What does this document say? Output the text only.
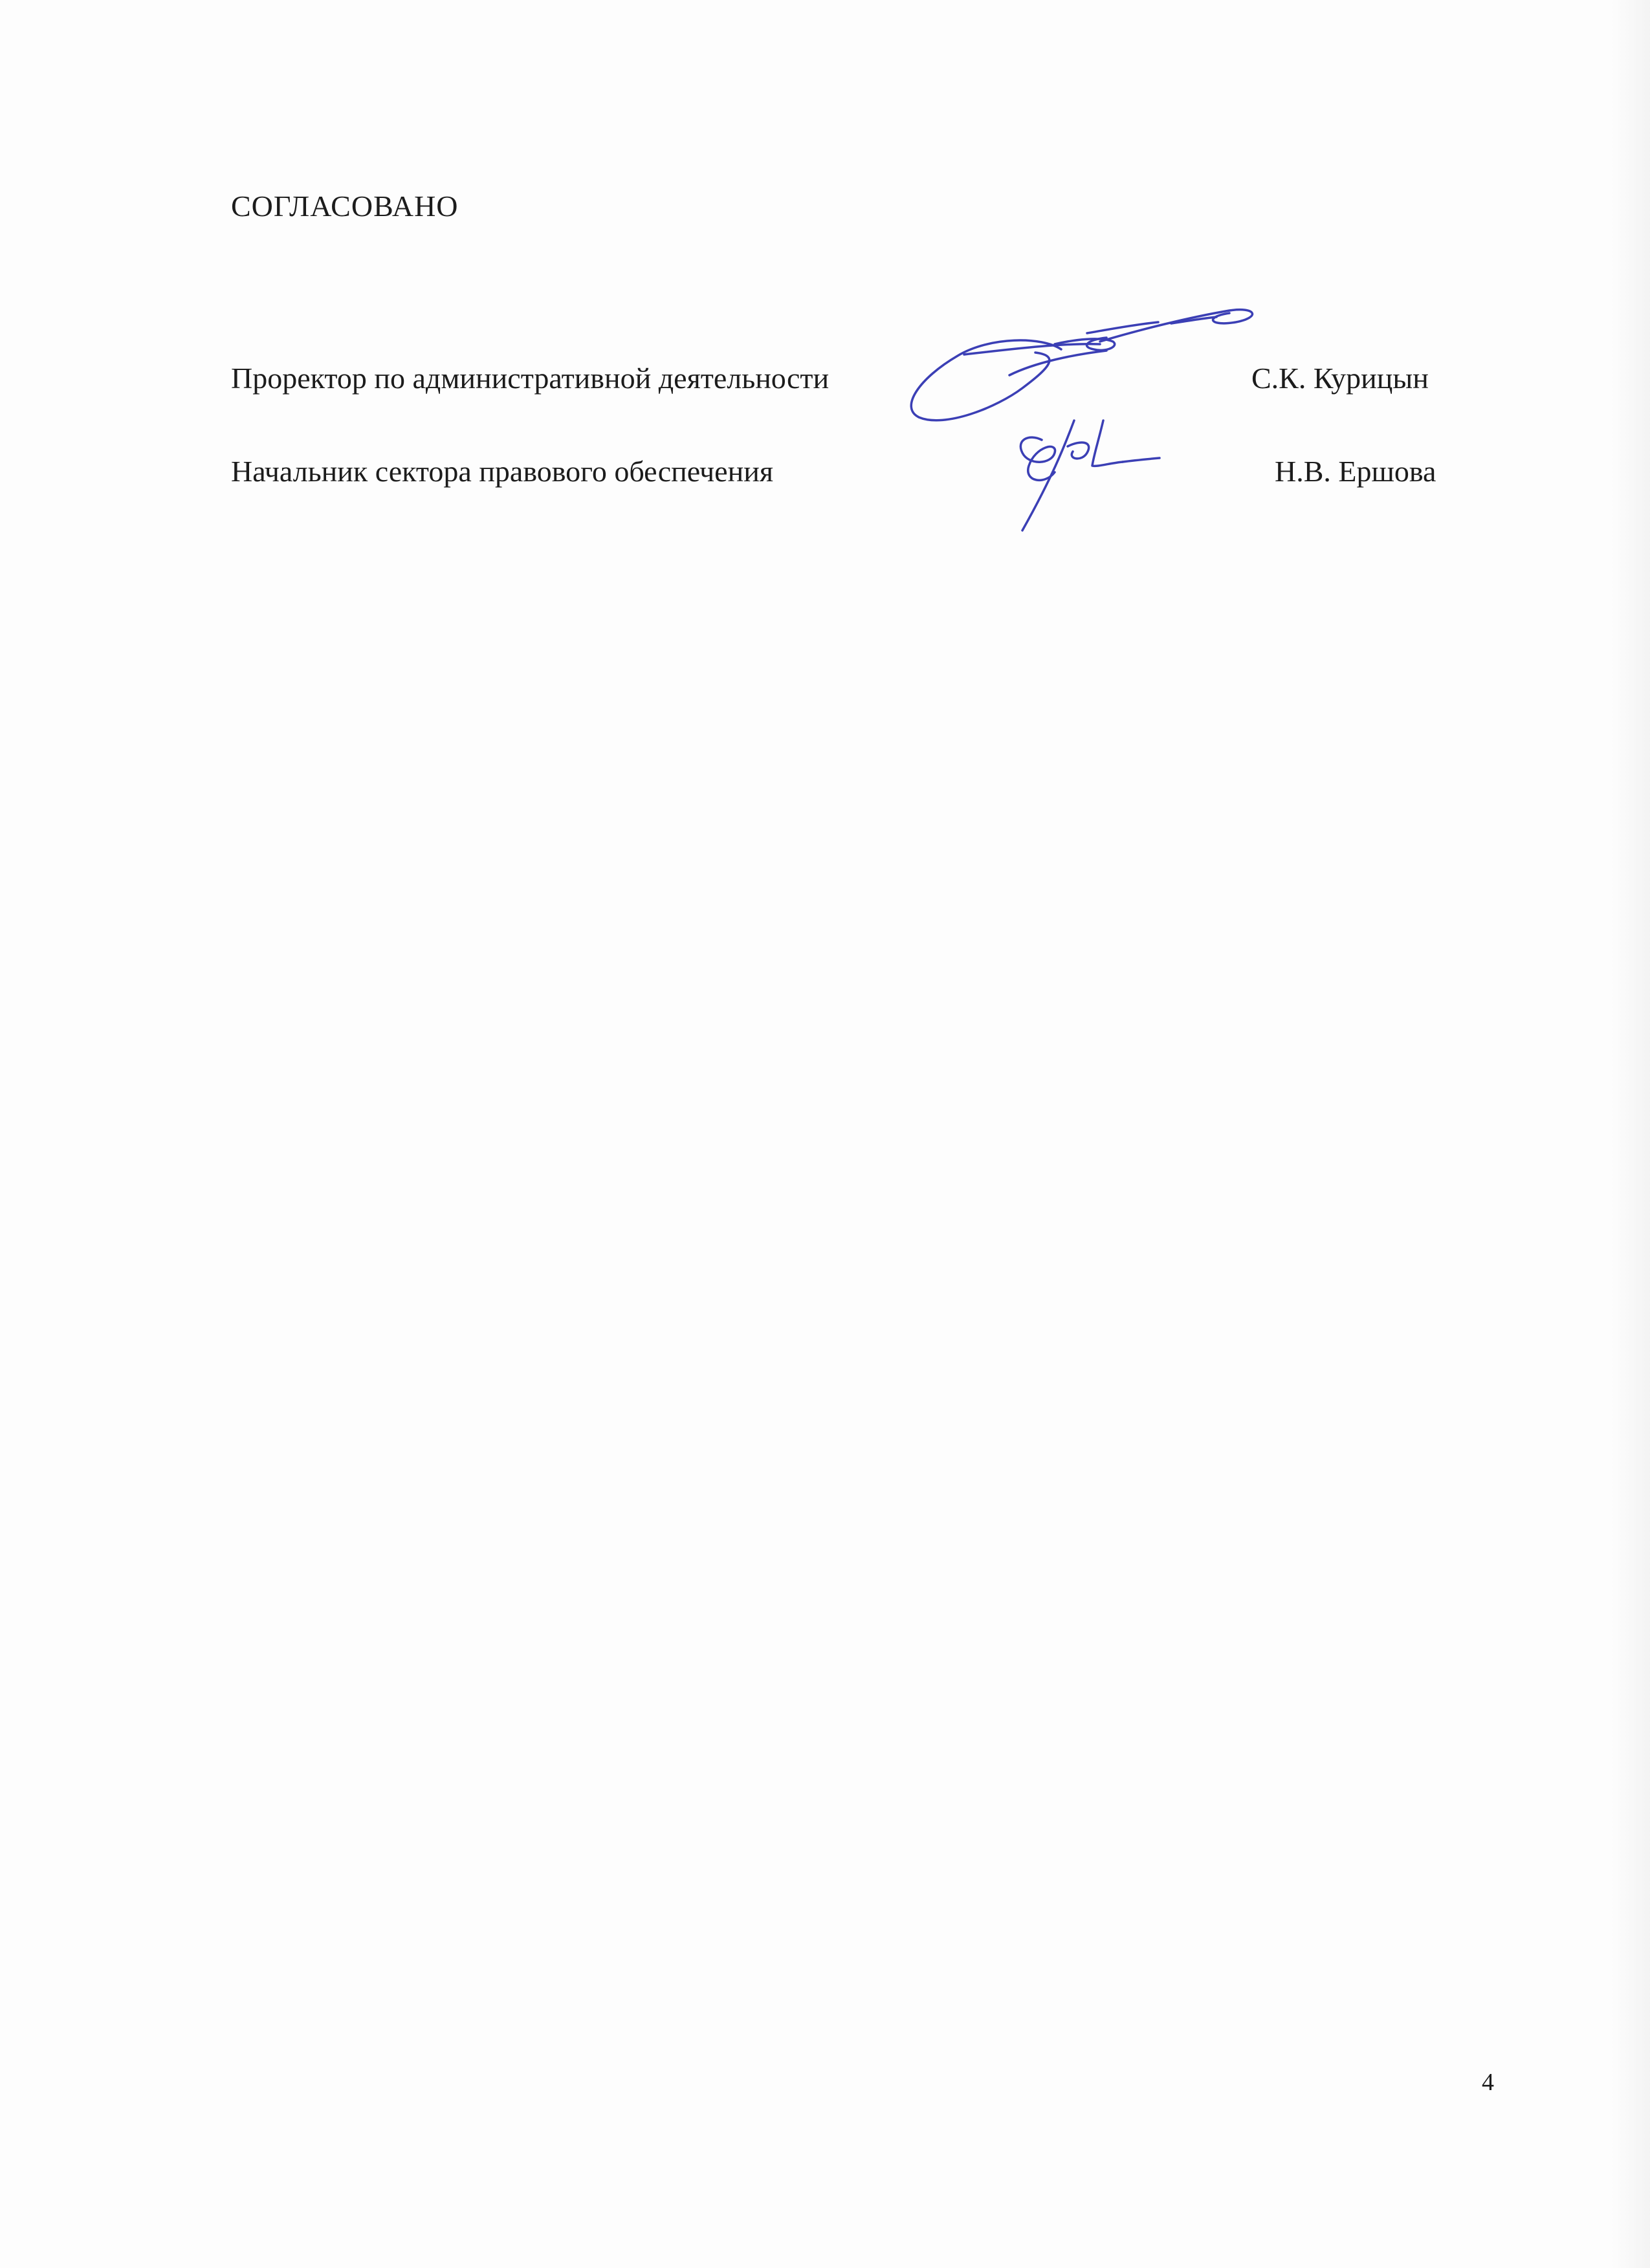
СОГЛАСОВАНО
Проректор по административной деятельности	С.К. Курицын
Начальник сектора правового обеспечения	Н.В. Ершова
4
